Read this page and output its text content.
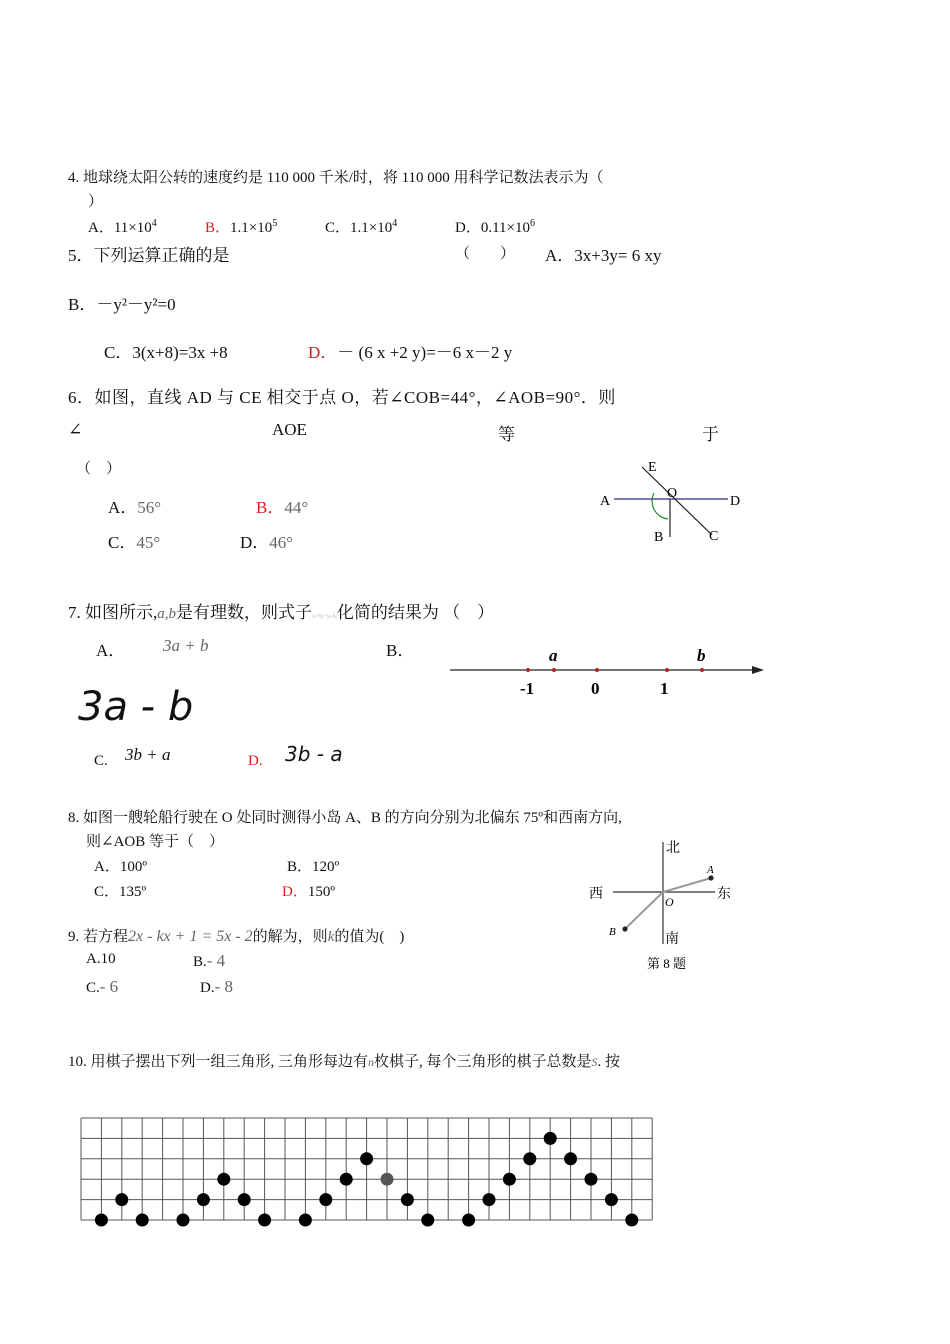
4. 地球绕太阳公转的速度约是 110 000 千米/时，将 110 000 用科学记数法表示为（
）
A．$11\times 10^4$	B．$1.1\times 10^5$	C．$1.1\times 10^4$	D．$0.11\times 10^6$
5．下列运算正确的是	（　　） A．3x+3y= 6 xy
B．－y²－y²=0
C．3(x+8)=3x +8	D．－ (6 x +2 y)=－6 x－2 y
6．如图，直线 AD 与 CE 相交于点 O，若∠COB=44°，∠AOB=90°．则
∠	AOE	等	于
（　）
A．56°	B．44°
C．45°	D．46°
E
O
A	D
B	C
7. 如图所示,a,b是有理数，则式子|a+b|+|a-b|化简的结果为 （　）
A． 3a + b	B．
3a - b
C. 3b + a	D. 3b - a
a	b
-1	0	1
8. 如图一艘轮船行驶在 O 处同时测得小岛 A、B 的方向分别为北偏东 75º和西南方向,
则∠AOB 等于（　）
A．100º	B．120º
C．135º	D．150º
北
南
西	东
O
A
B
第 8 题
9. 若方程2x - kx + 1 = 5x - 2的解为，则k的值为(　)
A.10	B.- 4
C.- 6	D.- 8
10. 用棋子摆出下列一组三角形, 三角形每边有n枚棋子, 每个三角形的棋子总数是S. 按
